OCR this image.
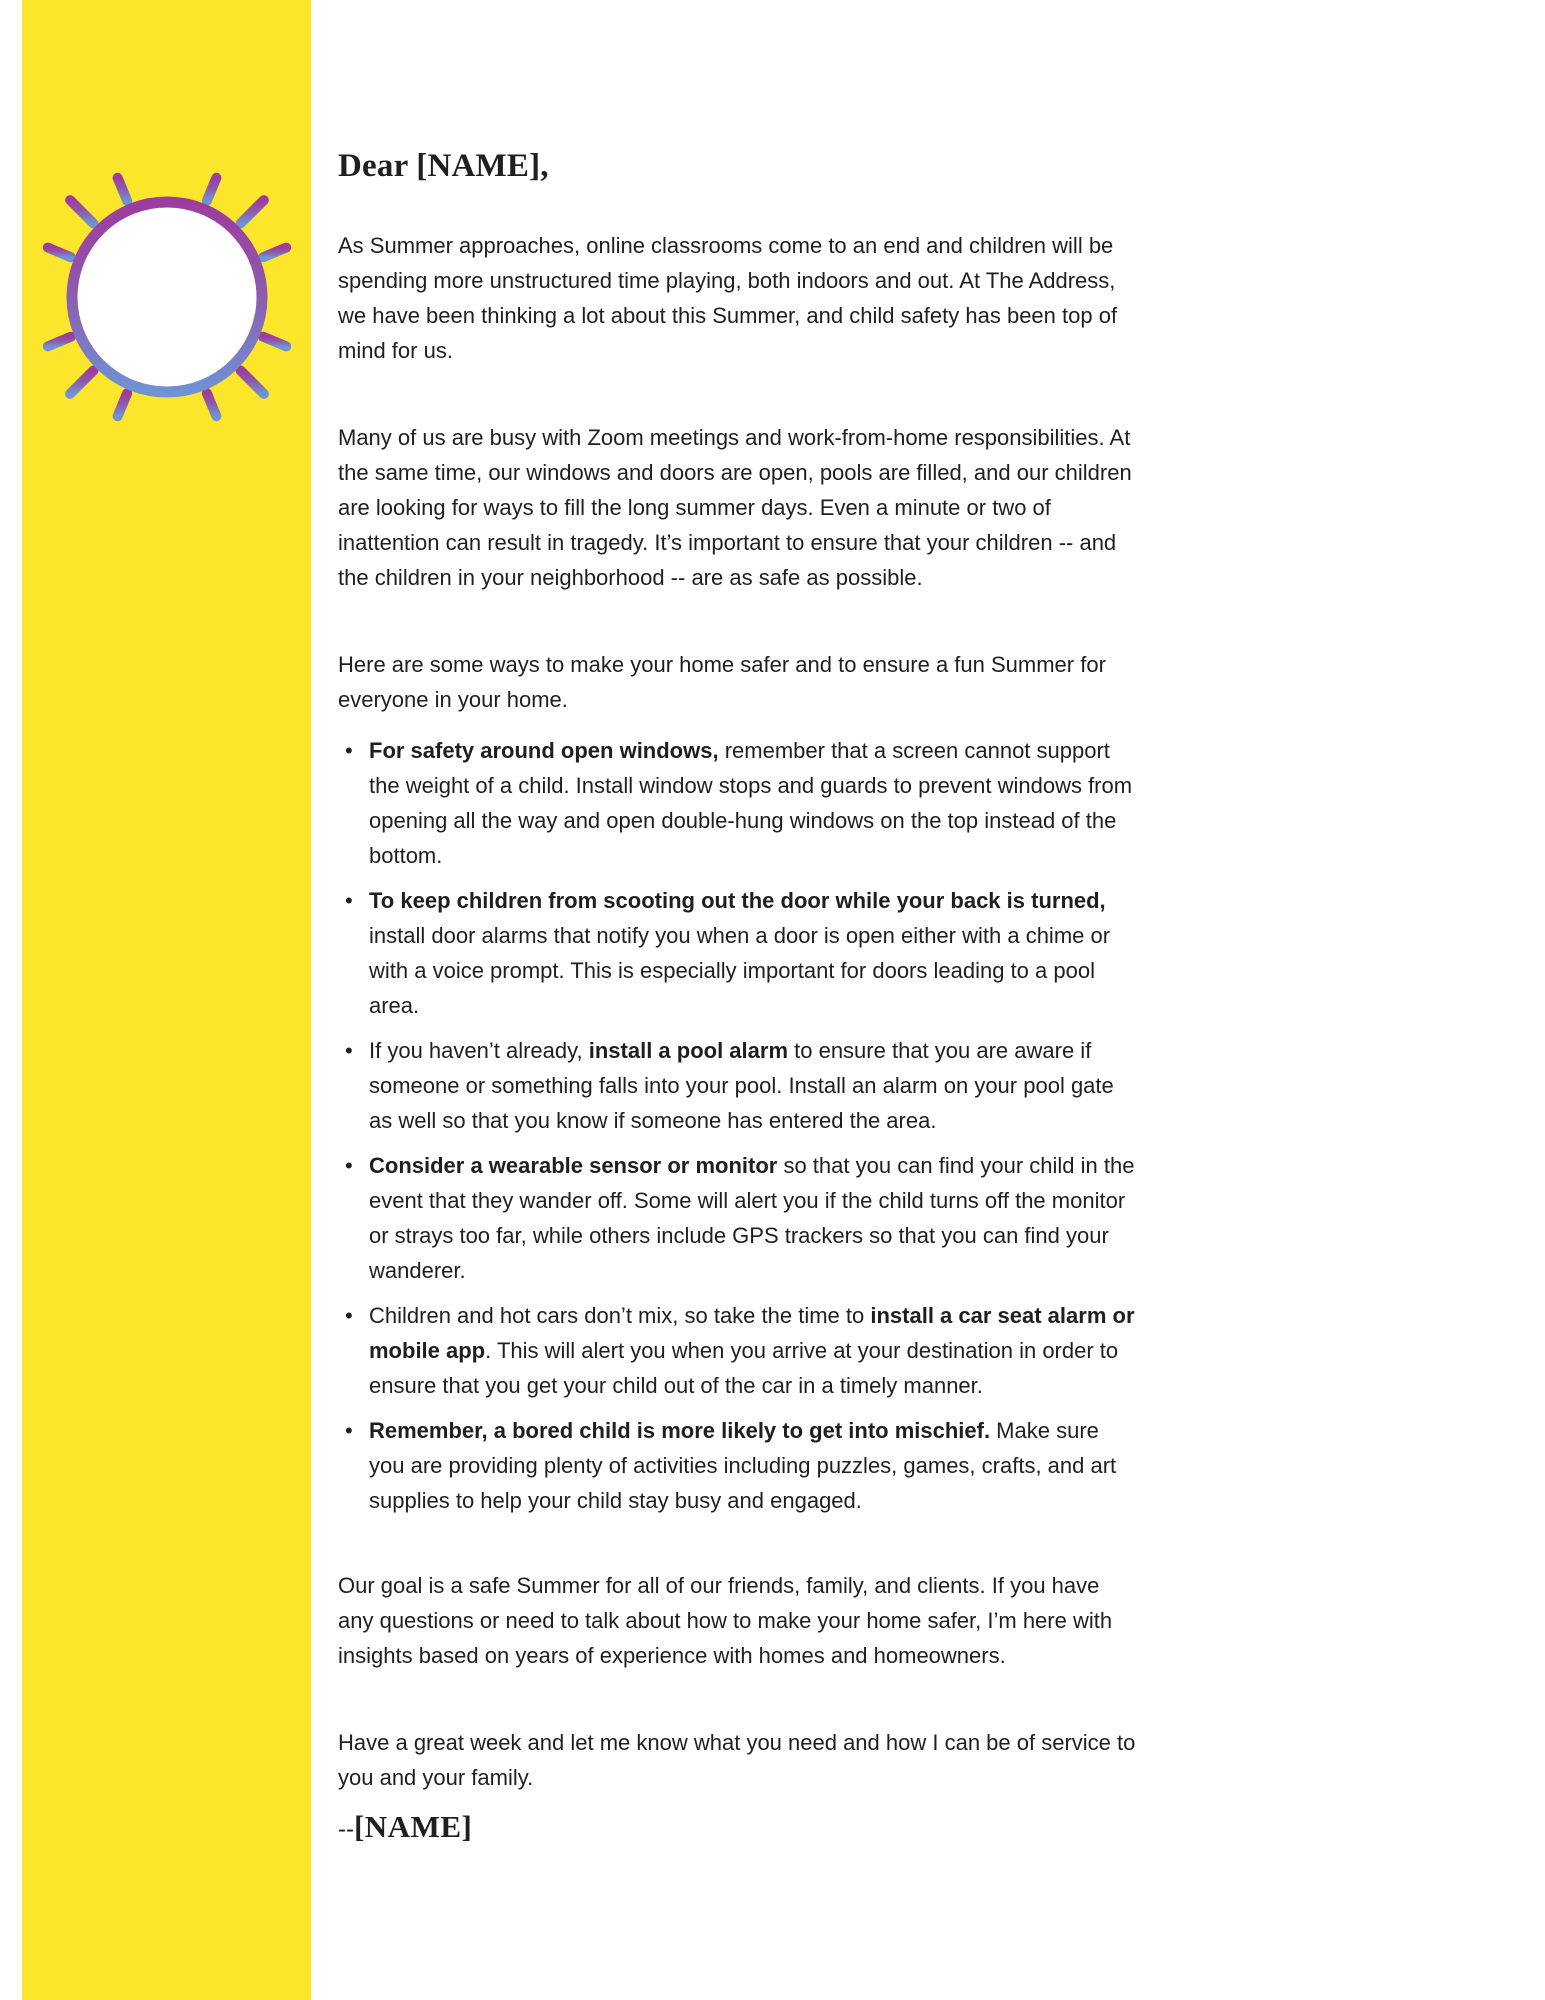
Dear [NAME],

As Summer approaches, online classrooms come to an end and children will be spending more unstructured time playing, both indoors and out. At The Address, we have been thinking a lot about this Summer, and child safety has been top of mind for us.

Many of us are busy with Zoom meetings and work-from-home responsibilities. At the same time, our windows and doors are open, pools are filled, and our children are looking for ways to fill the long summer days. Even a minute or two of inattention can result in tragedy. It’s important to ensure that your children -- and the children in your neighborhood -- are as safe as possible.

Here are some ways to make your home safer and to ensure a fun Summer for everyone in your home.

• For safety around open windows, remember that a screen cannot support the weight of a child. Install window stops and guards to prevent windows from opening all the way and open double-hung windows on the top instead of the bottom.
• To keep children from scooting out the door while your back is turned, install door alarms that notify you when a door is open either with a chime or with a voice prompt. This is especially important for doors leading to a pool area.
• If you haven’t already, install a pool alarm to ensure that you are aware if someone or something falls into your pool. Install an alarm on your pool gate as well so that you know if someone has entered the area.
• Consider a wearable sensor or monitor so that you can find your child in the event that they wander off. Some will alert you if the child turns off the monitor or strays too far, while others include GPS trackers so that you can find your wanderer.
• Children and hot cars don’t mix, so take the time to install a car seat alarm or mobile app. This will alert you when you arrive at your destination in order to ensure that you get your child out of the car in a timely manner.
• Remember, a bored child is more likely to get into mischief. Make sure you are providing plenty of activities including puzzles, games, crafts, and art supplies to help your child stay busy and engaged.

Our goal is a safe Summer for all of our friends, family, and clients. If you have any questions or need to talk about how to make your home safer, I’m here with insights based on years of experience with homes and homeowners.

Have a great week and let me know what you need and how I can be of service to you and your family.

--[NAME]
